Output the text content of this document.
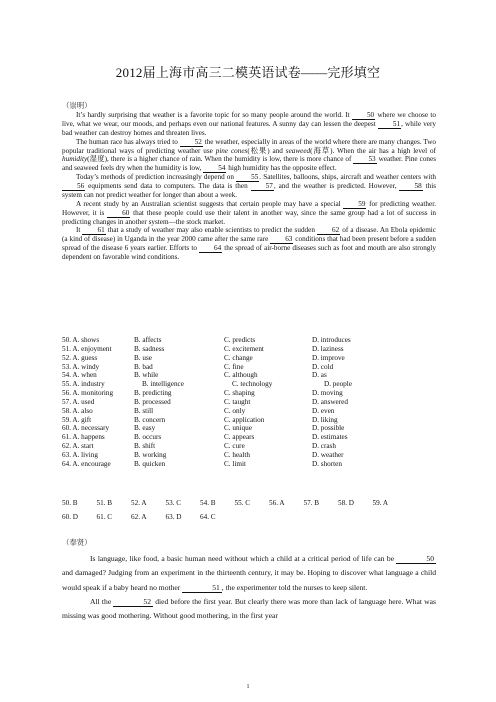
2012届上海市高三二模英语试卷——完形填空
（崇明）

It’s hardly surprising that weather is a favorite topic for so many people around the world. It 50 where we choose to live, what we wear, our moods, and perhaps even our national features. A sunny day can lessen the deepest 51, while very bad weather can destroy homes and threaten lives.

The human race has always tried to 52 the weather, especially in areas of the world where there are many changes. Two popular traditional ways of predicting weather use pine cones(松果) and seaweed(海草). When the air has a high level of humidity(湿度), there is a higher chance of rain. When the humidity is low, there is more chance of 53 weather. Pine cones and seaweed feels dry when the humidity is low, 54 high humidity has the opposite effect.

Today’s methods of prediction increasingly depend on 55. Satellites, balloons, ships, aircraft and weather centers with 56 equipments send data to computers. The data is then 57, and the weather is predicted. However, 58 this system can not predict weather for longer than about a week.

A recent study by an Australian scientist suggests that certain people may have a special 59 for predicting weather. However, it is 60 that these people could use their talent in another way, since the same group had a lot of success in predicting changes in another system—the stock market.

It 61 that a study of weather may also enable scientists to predict the sudden 62 of a disease. An Ebola epidemic (a kind of disease) in Uganda in the year 2000 came after the same rare 63 conditions that had been present before a sudden spread of the disease 6 years earlier. Efforts to 64 the spread of air-borne diseases such as foot and mouth are also strongly dependent on favorable wind conditions.

50. A. shows	B. affects	C. predicts	D. introduces
51. A. enjoyment	B. sadness	C. excitement	D. laziness
52. A. guess	B. use	C. change	D. improve
53. A. windy	B. bad	C. fine	D. cold
54. A. when	B. while	C. although	D. as
55. A. industry	B. intelligence	C. technology	D. people
56. A. monitoring	B. predicting	C. shaping	D. moving
57. A. used	B. processed	C. taught	D. answered
58. A. also	B. still	C. only	D. even
59. A. gift	B. concern	C. application	D. liking
60. A. necessary	B. easy	C. unique	D. possible
61. A. happens	B. occurs	C. appears	D. estimates
62. A. start	B. shift	C. cure	D. crash
63. A. living	B. working	C. health	D. weather
64. A. encourage	B. quicken	C. limit	D. shorten
50. B	51. B	52. A	53. C	54. B	55. C	56. A	57. B	58. D	59. A
60. D	61. C	62. A	63. D	64. C
（奉贤）

Is language, like food, a basic human need without which a child at a critical period of life can be	50 and damaged? Judging from an experiment in the thirteenth century, it may be. Hoping to discover what language a child would speak if a baby heard no mother	51 , the experimenter told the nurses to keep silent.

All the	52 died before the first year. But clearly there was more than lack of language here. What was missing was good mothering. Without good mothering, in the first year

1
